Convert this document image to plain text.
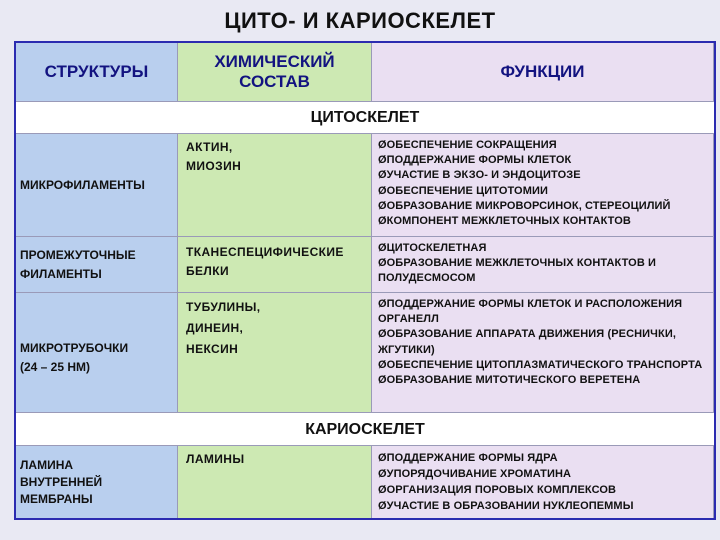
ЦИТО- И КАРИОСКЕЛЕТ
СТРУКТУРЫ
ХИМИЧЕСКИЙ
СОСТАВ
ФУНКЦИИ
ЦИТОСКЕЛЕТ
МИКРОФИЛАМЕНТЫ
АКТИН,
МИОЗИН
ØОБЕСПЕЧЕНИЕ СОКРАЩЕНИЯ
ØПОДДЕРЖАНИЕ ФОРМЫ КЛЕТОК
ØУЧАСТИЕ В ЭКЗО- И ЭНДОЦИТОЗЕ
ØОБЕСПЕЧЕНИЕ ЦИТОТОМИИ
ØОБРАЗОВАНИЕ МИКРОВОРСИНОК, СТЕРЕОЦИЛИЙ
ØКОМПОНЕНТ МЕЖКЛЕТОЧНЫХ КОНТАКТОВ
ПРОМЕЖУТОЧНЫЕ
ФИЛАМЕНТЫ
ТКАНЕСПЕЦИФИЧЕСКИЕ
БЕЛКИ
ØЦИТОСКЕЛЕТНАЯ
ØОБРАЗОВАНИЕ МЕЖКЛЕТОЧНЫХ КОНТАКТОВ И ПОЛУДЕСМОСОМ
МИКРОТРУБОЧКИ
(24 – 25 НМ)
ТУБУЛИНЫ,
ДИНЕИН,
НЕКСИН
ØПОДДЕРЖАНИЕ ФОРМЫ КЛЕТОК И РАСПОЛОЖЕНИЯ ОРГАНЕЛЛ
ØОБРАЗОВАНИЕ АППАРАТА ДВИЖЕНИЯ (РЕСНИЧКИ, ЖГУТИКИ)
ØОБЕСПЕЧЕНИЕ ЦИТОПЛАЗМАТИЧЕСКОГО ТРАНСПОРТА
ØОБРАЗОВАНИЕ МИТОТИЧЕСКОГО ВЕРЕТЕНА
КАРИОСКЕЛЕТ
ЛАМИНА
ВНУТРЕННЕЙ
МЕМБРАНЫ
ЛАМИНЫ	ØПОДДЕРЖАНИЕ ФОРМЫ ЯДРА
ØУПОРЯДОЧИВАНИЕ ХРОМАТИНА
ØОРГАНИЗАЦИЯ ПОРОВЫХ КОМПЛЕКСОВ
ØУЧАСТИЕ В ОБРАЗОВАНИИ НУКЛЕОПЕММЫ
